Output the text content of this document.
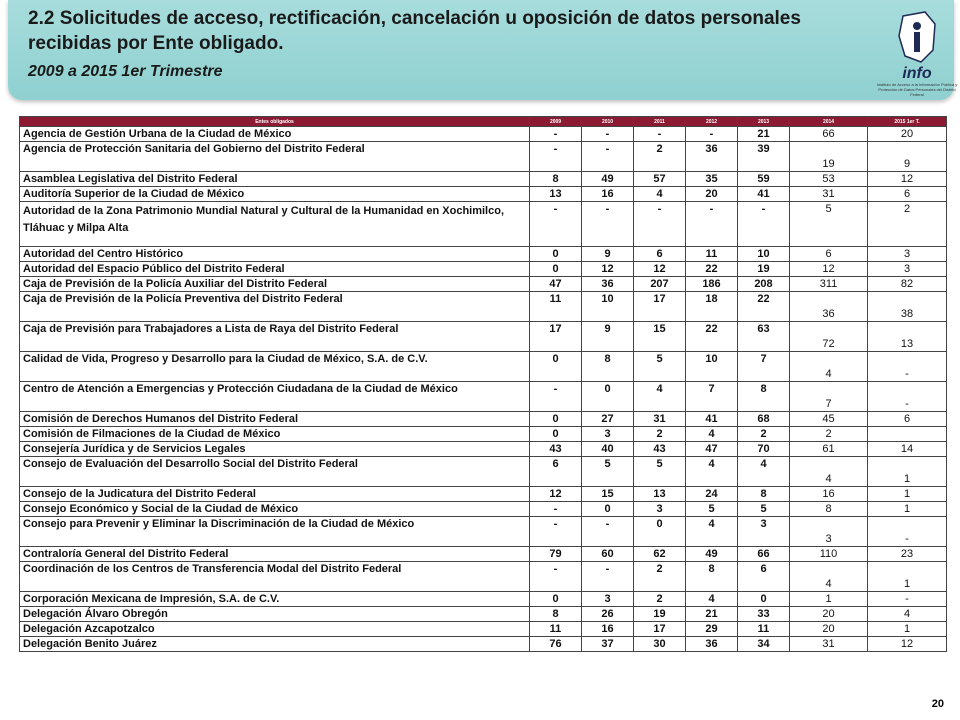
2.2 Solicitudes de acceso, rectificación, cancelación u oposición de datos personales recibidas por Ente obligado.
2009 a 2015 1er Trimestre	info
Instituto de Acceso a la Información Pública y Protección de Datos Personales del Distrito Federal
Entes obligados	2009	2010	2011	2012	2013	2014	2015 1er T.
Agencia de Gestión Urbana de la Ciudad de México	-	-	-	-	21	66	20
Agencia de Protección Sanitaria del Gobierno del Distrito Federal	-	-	2	36	39	19	9
Asamblea Legislativa del Distrito Federal	8	49	57	35	59	53	12
Auditoría Superior de la Ciudad de México	13	16	4	20	41	31	6
Autoridad de la Zona Patrimonio Mundial Natural y Cultural de la Humanidad en Xochimilco, Tláhuac y Milpa Alta	-	-	-	-	-	5	2
Autoridad del Centro Histórico	0	9	6	11	10	6	3
Autoridad del Espacio Público del Distrito Federal	0	12	12	22	19	12	3
Caja de Previsión de la Policía Auxiliar del Distrito Federal	47	36	207	186	208	311	82
Caja de Previsión de la Policía Preventiva del Distrito Federal	11	10	17	18	22	36	38
Caja de Previsión para Trabajadores a Lista de Raya del Distrito Federal	17	9	15	22	63	72	13
Calidad de Vida, Progreso y Desarrollo para la Ciudad de México, S.A. de C.V.	0	8	5	10	7	4	-
Centro de Atención a Emergencias y Protección Ciudadana de la Ciudad de México	-	0	4	7	8	7	-
Comisión de Derechos Humanos del Distrito Federal	0	27	31	41	68	45	6
Comisión de Filmaciones de la Ciudad de México	0	3	2	4	2	2	
Consejería Jurídica y de Servicios Legales	43	40	43	47	70	61	14
Consejo de Evaluación del Desarrollo Social del Distrito Federal	6	5	5	4	4	4	1
Consejo de la Judicatura del Distrito Federal	12	15	13	24	8	16	1
Consejo Económico y Social de la Ciudad de México	-	0	3	5	5	8	1
Consejo para Prevenir y Eliminar la Discriminación de la Ciudad de México	-	-	0	4	3	3	-
Contraloría General del Distrito Federal	79	60	62	49	66	110	23
Coordinación de los Centros de Transferencia Modal del Distrito Federal	-	-	2	8	6	4	1
Corporación Mexicana de Impresión, S.A. de C.V.	0	3	2	4	0	1	-
Delegación Álvaro Obregón	8	26	19	21	33	20	4
Delegación Azcapotzalco	11	16	17	29	11	20	1
Delegación Benito Juárez	76	37	30	36	34	31	12
20
